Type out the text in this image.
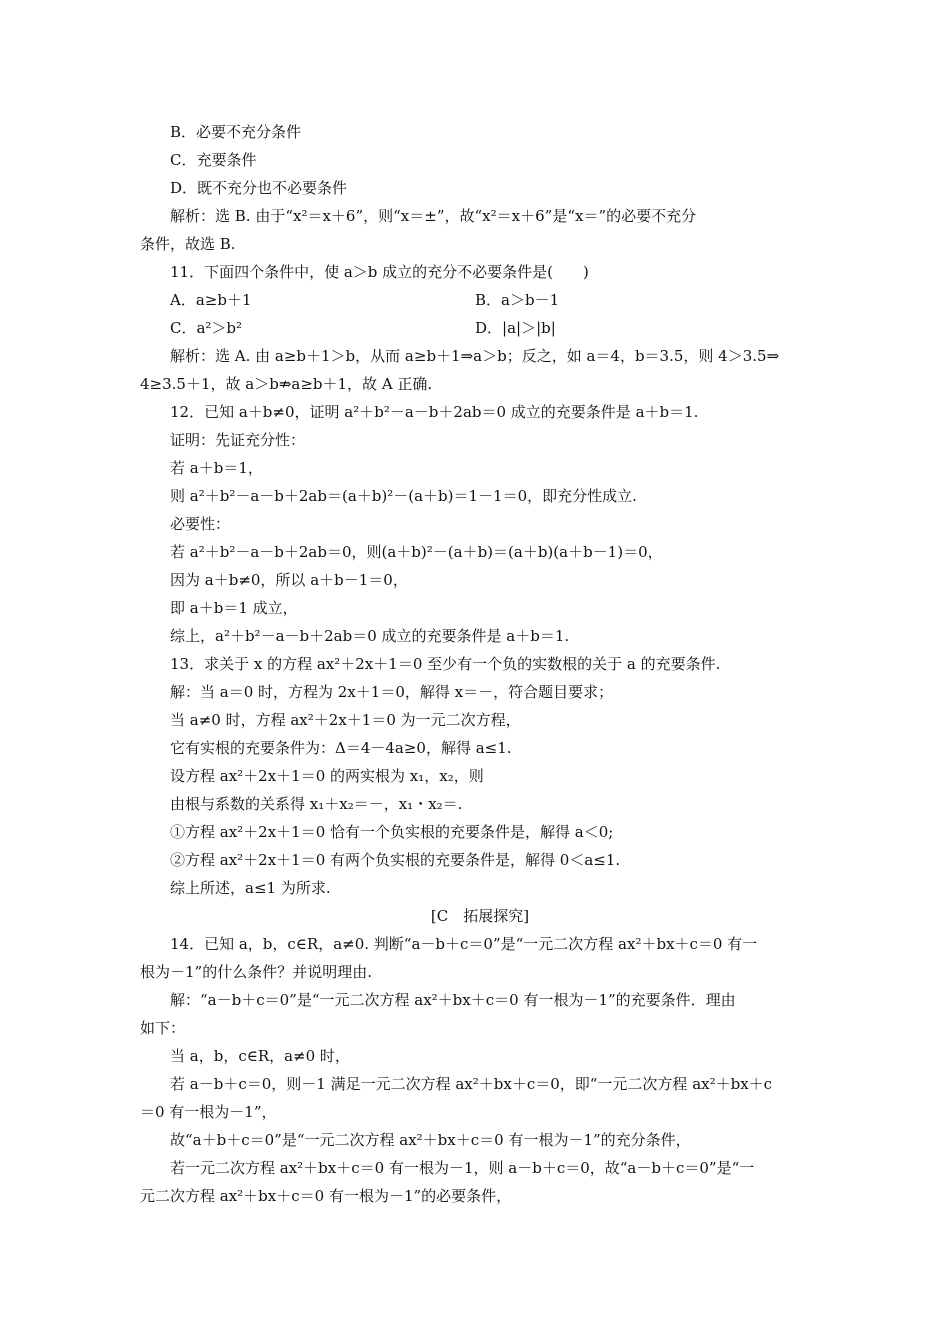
B．必要不充分条件
C．充要条件
D．既不充分也不必要条件
解析：选 B. 由于“x²＝x＋6”，则“x＝±”，故“x²＝x＋6”是“x＝”的必要不充分
条件，故选 B.
11．下面四个条件中，使 a＞b 成立的充分不必要条件是(　　)
A．a≥b＋1	B．a＞b－1
C．a²＞b²	D．|a|＞|b|
解析：选 A. 由 a≥b＋1＞b，从而 a≥b＋1⇒a＞b；反之，如 a＝4，b＝3.5，则 4＞3.5⇒
4≥3.5＋1，故 a＞b⇏a≥b＋1，故 A 正确.
12．已知 a＋b≠0，证明 a²＋b²－a－b＋2ab＝0 成立的充要条件是 a＋b＝1.
证明：先证充分性：
若 a＋b＝1，
则 a²＋b²－a－b＋2ab＝(a＋b)²－(a＋b)＝1－1＝0，即充分性成立.
必要性：
若 a²＋b²－a－b＋2ab＝0，则(a＋b)²－(a＋b)＝(a＋b)(a＋b－1)＝0，
因为 a＋b≠0，所以 a＋b－1＝0，
即 a＋b＝1 成立，
综上，a²＋b²－a－b＋2ab＝0 成立的充要条件是 a＋b＝1.
13．求关于 x 的方程 ax²＋2x＋1＝0 至少有一个负的实数根的关于 a 的充要条件.
解：当 a＝0 时，方程为 2x＋1＝0，解得 x＝－，符合题目要求；
当 a≠0 时，方程 ax²＋2x＋1＝0 为一元二次方程，
它有实根的充要条件为：Δ＝4－4a≥0，解得 a≤1.
设方程 ax²＋2x＋1＝0 的两实根为 x₁，x₂，则
由根与系数的关系得 x₁＋x₂＝－，x₁・x₂＝.
①方程 ax²＋2x＋1＝0 恰有一个负实根的充要条件是，解得 a＜0;
②方程 ax²＋2x＋1＝0 有两个负实根的充要条件是，解得 0＜a≤1.
综上所述，a≤1 为所求.
[C　拓展探究]
14．已知 a，b，c∈R，a≠0. 判断“a－b＋c＝0”是“一元二次方程 ax²＋bx＋c＝0 有一
根为－1”的什么条件？并说明理由.
解：“a－b＋c＝0”是“一元二次方程 ax²＋bx＋c＝0 有一根为－1”的充要条件．理由
如下：
当 a，b，c∈R，a≠0 时，
若 a－b＋c＝0，则－1 满足一元二次方程 ax²＋bx＋c＝0，即“一元二次方程 ax²＋bx＋c
＝0 有一根为－1”，
故“a＋b＋c＝0”是“一元二次方程 ax²＋bx＋c＝0 有一根为－1”的充分条件，
若一元二次方程 ax²＋bx＋c＝0 有一根为－1，则 a－b＋c＝0，故“a－b＋c＝0”是“一
元二次方程 ax²＋bx＋c＝0 有一根为－1”的必要条件，
